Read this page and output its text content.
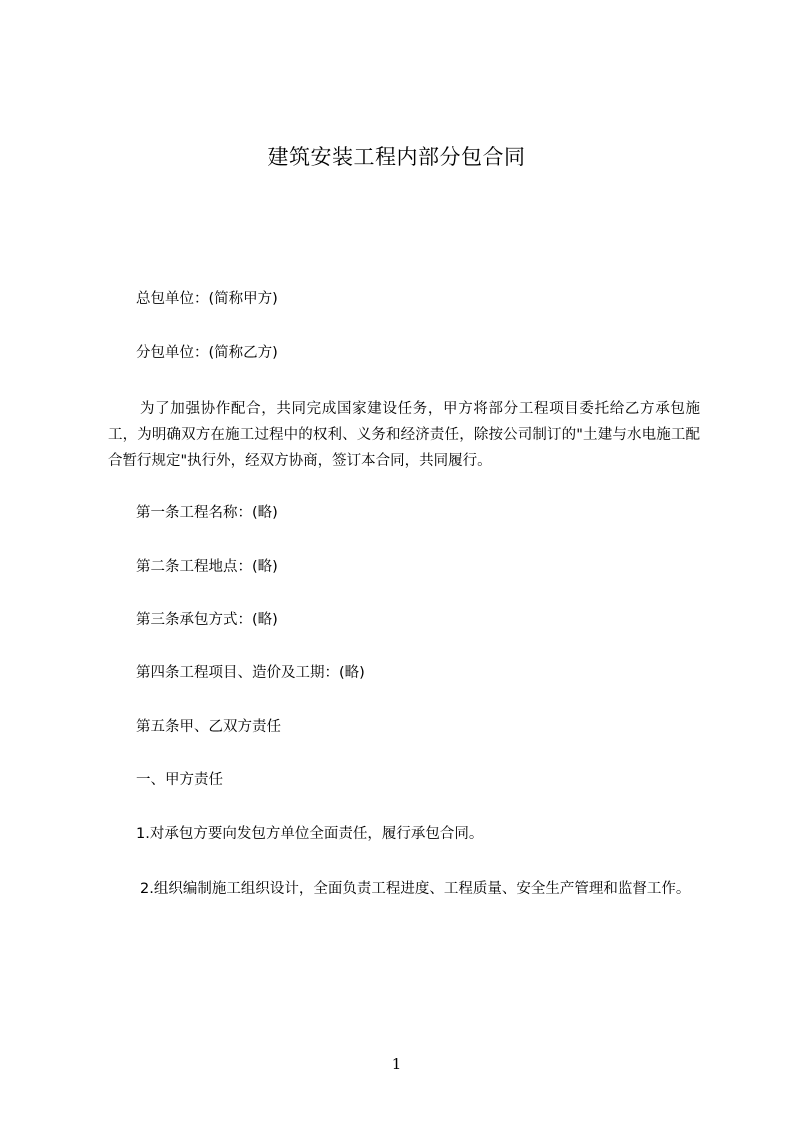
建筑安装工程内部分包合同
总包单位：(简称甲方)
分包单位：(简称乙方)

为了加强协作配合，共同完成国家建设任务，甲方将部分工程项目委托给乙方承包施工，为明确双方在施工过程中的权利、义务和经济责任，除按公司制订的"土建与水电施工配合暂行规定"执行外，经双方协商，签订本合同，共同履行。

第一条工程名称：(略)
第二条工程地点：(略)
第三条承包方式：(略)
第四条工程项目、造价及工期：(略)
第五条甲、乙双方责任
一、甲方责任
1.对承包方要向发包方单位全面责任，履行承包合同。

2.组织编制施工组织设计，全面负责工程进度、工程质量、安全生产管理和监督工作。

1
